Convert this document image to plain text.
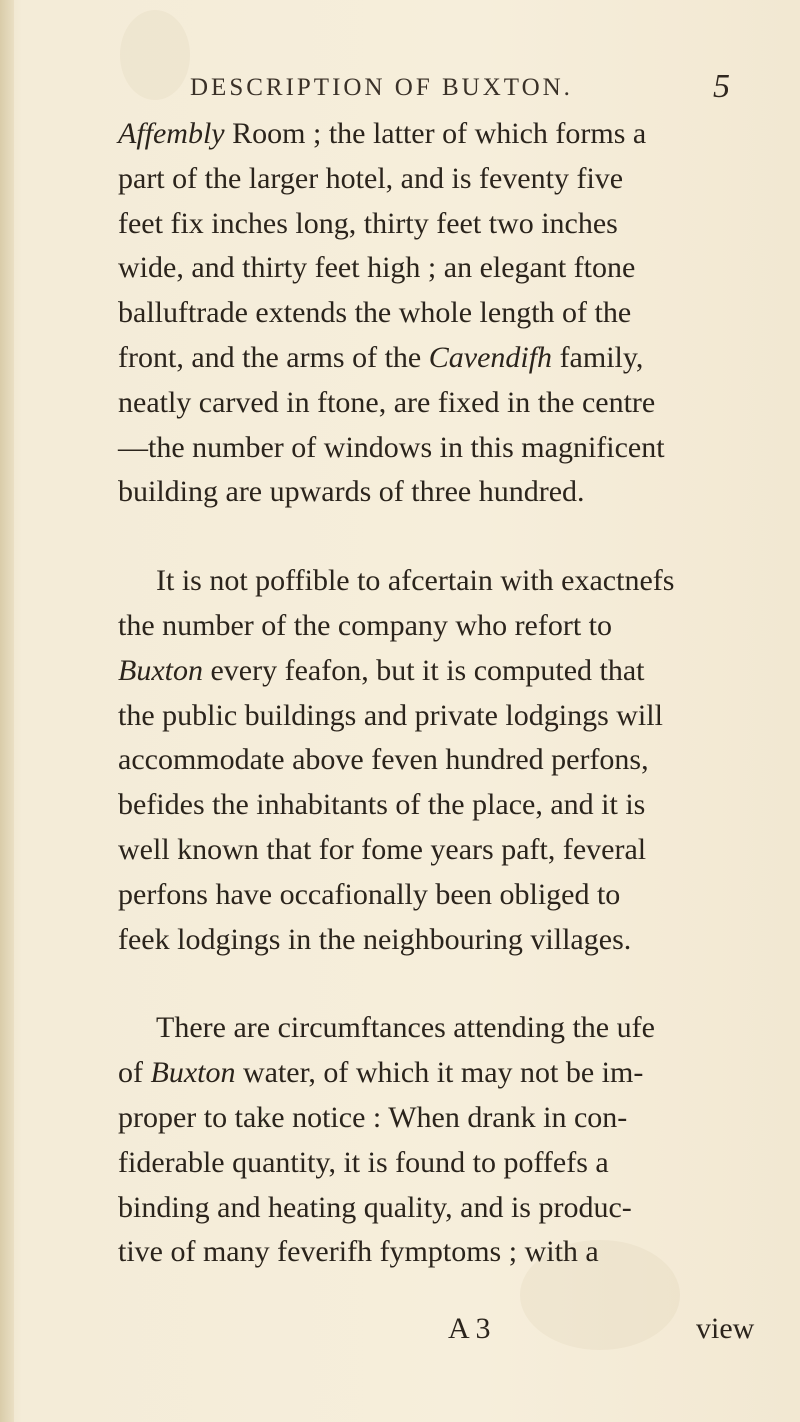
DESCRIPTION OF BUXTON.	5

Affembly Room ; the latter of which forms a
part of the larger hotel, and is feventy five
feet fix inches long, thirty feet two inches
wide, and thirty feet high ; an elegant ftone
balluftrade extends the whole length of the
front, and the arms of the Cavendifh family,
neatly carved in ftone, are fixed in the centre
—the number of windows in this magnificent
building are upwards of three hundred.

It is not poffible to afcertain with exactnefs
the number of the company who refort to
Buxton every feafon, but it is computed that
the public buildings and private lodgings will
accommodate above feven hundred perfons,
befides the inhabitants of the place, and it is
well known that for fome years paft, feveral
perfons have occafionally been obliged to
feek lodgings in the neighbouring villages.

There are circumftances attending the ufe
of Buxton water, of which it may not be im-
proper to take notice : When drank in con-
fiderable quantity, it is found to poffefs a
binding and heating quality, and is produc-
tive of many feverifh fymptoms ; with a

A 3	view
